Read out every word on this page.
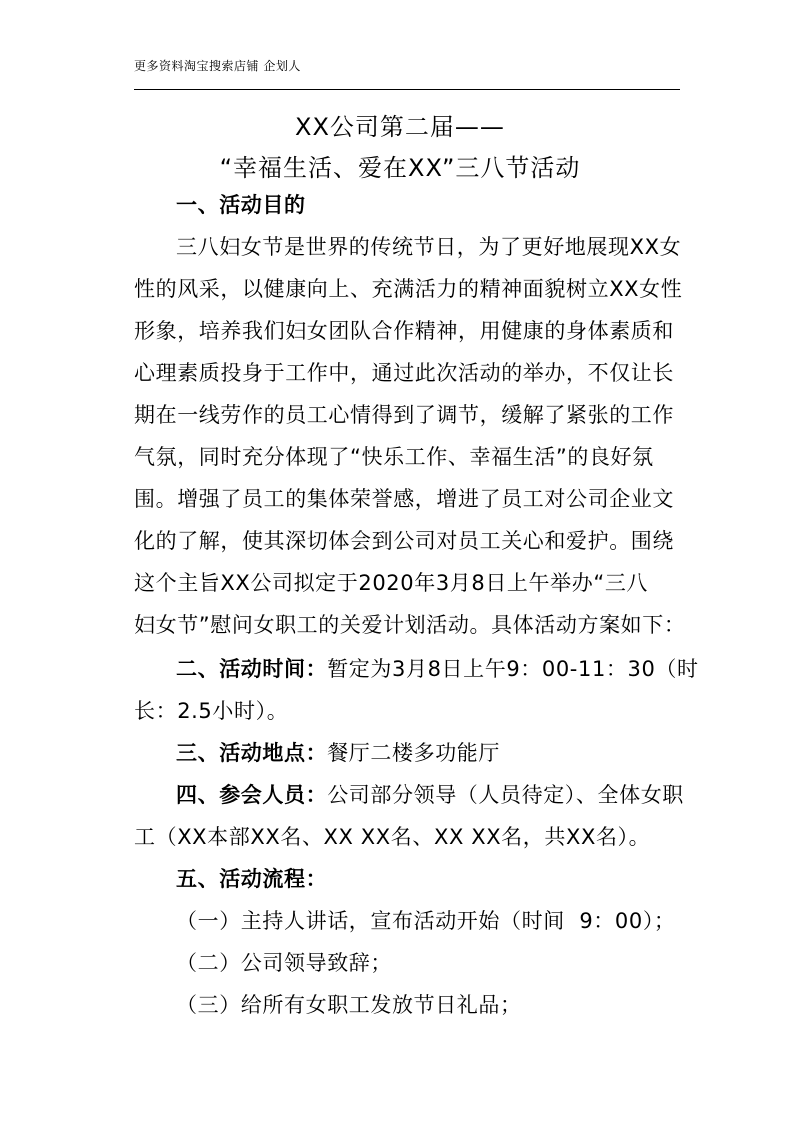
更多资料淘宝搜索店铺 企划人
XX公司第二届——
“幸福生活、爱在XX”三八节活动
一、活动目的
三八妇女节是世界的传统节日，为了更好地展现XX女
性的风采，以健康向上、充满活力的精神面貌树立XX女性
形象，培养我们妇女团队合作精神，用健康的身体素质和
心理素质投身于工作中，通过此次活动的举办，不仅让长
期在一线劳作的员工心情得到了调节，缓解了紧张的工作
气氛，同时充分体现了“快乐工作、幸福生活”的良好氛
围。增强了员工的集体荣誉感，增进了员工对公司企业文
化的了解，使其深切体会到公司对员工关心和爱护。围绕
这个主旨XX公司拟定于2020年3月8日上午举办“三八
妇女节”慰问女职工的关爱计划活动。具体活动方案如下：
二、活动时间：暂定为3月8日上午9：00-11：30（时
长：2.5小时）。
三、活动地点：餐厅二楼多功能厅
四、参会人员：公司部分领导（人员待定）、全体女职
工（XX本部XX名、XX XX名、XX XX名，共XX名）。
五、活动流程：
（一）主持人讲话，宣布活动开始（时间  9：00）；
（二）公司领导致辞；
（三）给所有女职工发放节日礼品；
